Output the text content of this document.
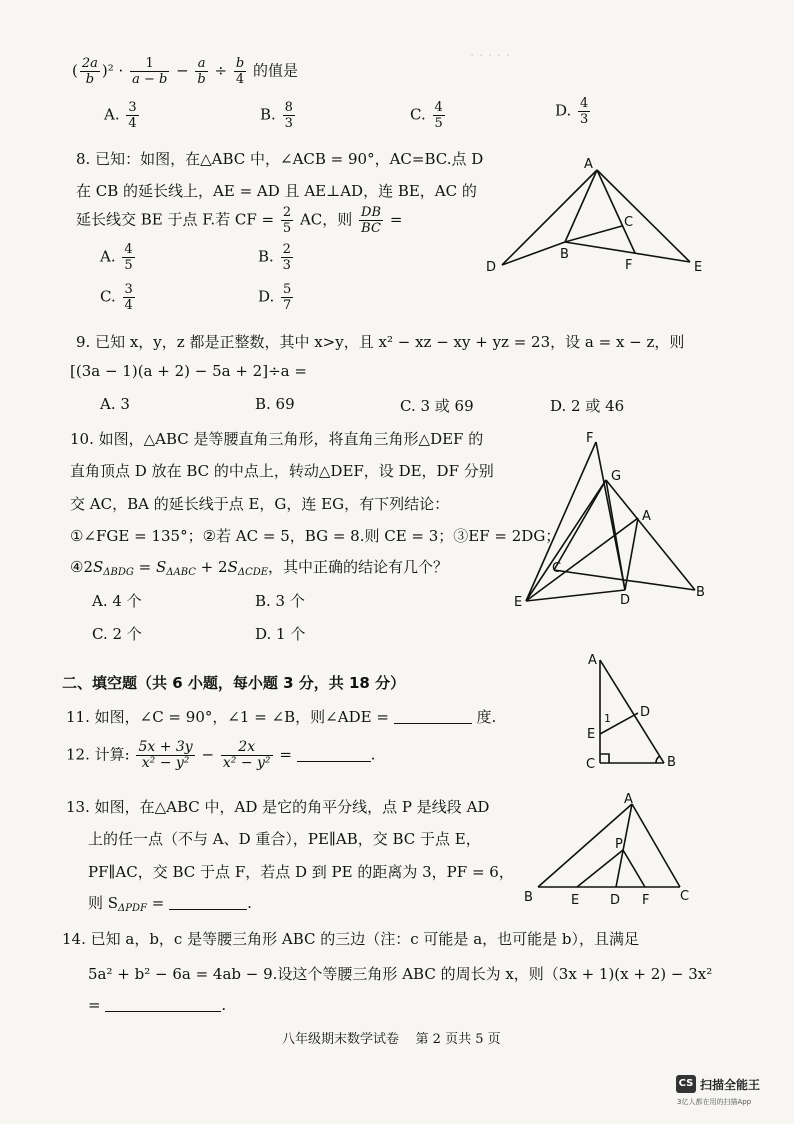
· · · · ·
( $\frac{2a}{b} )^2 \cdot \frac{1}{a - b} - \frac{a}{b} \div \frac{b}{4}$ 的值是
A. $\frac{3}{4}$	B. $\frac{8}{3}$	C. $\frac{4}{5}$	D. $\frac{4}{3}$
8. 已知：如图，在△ABC 中，∠ACB = 90°，AC=BC.点 D
在 CB 的延长线上，AE = AD 且 AE⊥AD，连 BE，AC 的
延长线交 BE 于点 F.若 CF = $\frac{2}{5}$ AC，则 $\frac{DB}{BC}$ =
A. $\frac{4}{5}$	B. $\frac{2}{3}$
C. $\frac{3}{4}$	D. $\frac{5}{7}$
A
C
B
F
D	E
9. 已知 x，y，z 都是正整数，其中 x>y，且 x² − xz − xy + yz = 23，设 a = x − z，则
[(3a − 1)(a + 2) − 5a + 2]÷a =
A. 3	B. 69	C. 3 或 69	D. 2 或 46
10. 如图，△ABC 是等腰直角三角形，将直角三角形△DEF 的
直角顶点 D 放在 BC 的中点上，转动△DEF，设 DE，DF 分别
交 AC，BA 的延长线于点 E，G，连 EG，有下列结论：
①∠FGE = 135°；②若 AC = 5，BG = 8.则 CE = 3；③EF = 2DG；
$④2S_{\Delta BDG} = S_{\Delta ABC} + 2S_{\Delta CDE}$，其中正确的结论有几个？
A. 4 个	B. 3 个
C. 2 个	D. 1 个
F
G
A
C
E	D
B
二、填空题（共 6 小题，每小题 3 分，共 18 分）
11. 如图，∠C = 90°，∠1 = ∠B，则∠ADE =	度.
A
D
1
E
C	B
12. 计算: $\frac{5x + 3y}{\text{x² − y²}} - \frac{2x}{\text{x² − y²}}$ =	.
13. 如图，在△ABC 中，AD 是它的角平分线，点 P 是线段 AD
上的任一点（不与 A、D 重合），PE∥AB，交 BC 于点 E，
PF∥AC，交 BC 于点 F，若点 D 到 PE 的距离为 3，PF = 6，
则 $S_{\Delta PDF}$ =	.
A
P
B	E D F C
14. 已知 a，b，c 是等腰三角形 ABC 的三边（注：c 可能是 a，也可能是 b），且满足
5a² + b² − 6a = 4ab − 9.设这个等腰三角形 ABC 的周长为 x，则（3x + 1)(x + 2) − 3x²
=	.
八年级期末数学试卷    第 2 页共 5 页
CS 扫描全能王
3亿人都在用的扫描App
